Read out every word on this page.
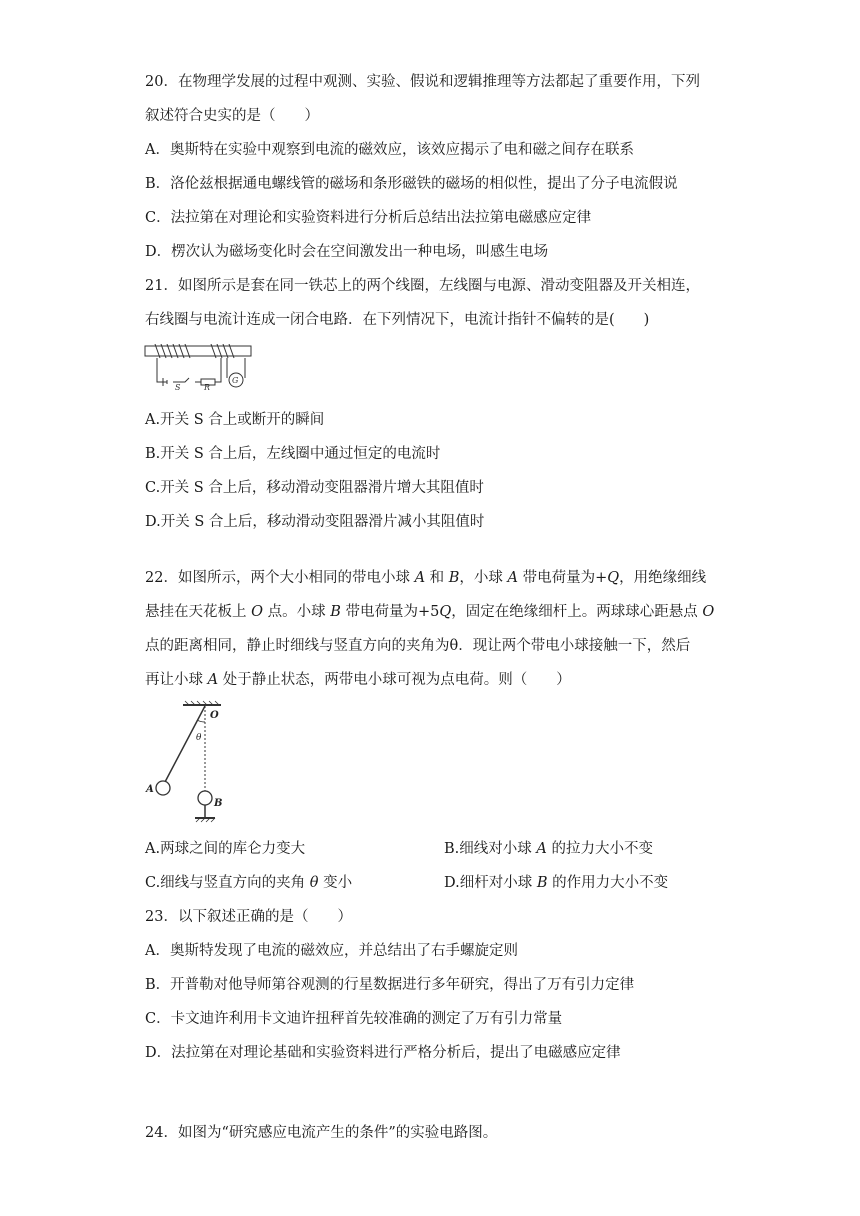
20．在物理学发展的过程中观测、实验、假说和逻辑推理等方法都起了重要作用，下列
叙述符合史实的是（　　）
A．奥斯特在实验中观察到电流的磁效应，该效应揭示了电和磁之间存在联系
B．洛伦兹根据通电螺线管的磁场和条形磁铁的磁场的相似性，提出了分子电流假说
C．法拉第在对理论和实验资料进行分析后总结出法拉第电磁感应定律
D．楞次认为磁场变化时会在空间激发出一种电场，叫感生电场
21．如图所示是套在同一铁芯上的两个线圈，左线圈与电源、滑动变阻器及开关相连，
右线圈与电流计连成一闭合电路．在下列情况下，电流计指针不偏转的是(　　)
S	R
G
A.开关 S 合上或断开的瞬间
B.开关 S 合上后，左线圈中通过恒定的电流时
C.开关 S 合上后，移动滑动变阻器滑片增大其阻值时
D.开关 S 合上后，移动滑动变阻器滑片减小其阻值时
22．如图所示，两个大小相同的带电小球 A 和 B，小球 A 带电荷量为+Q，用绝缘细线
悬挂在天花板上 O 点。小球 B 带电荷量为+5Q，固定在绝缘细杆上。两球球心距悬点 O
点的距离相同，静止时细线与竖直方向的夹角为θ．现让两个带电小球接触一下，然后
再让小球 A 处于静止状态，两带电小球可视为点电荷。则（　　）
O
θ
A
B
A.两球之间的库仑力变大	B.细线对小球 A 的拉力大小不变
C.细线与竖直方向的夹角 θ 变小	D.细杆对小球 B 的作用力大小不变
23．以下叙述正确的是（　　）
A．奥斯特发现了电流的磁效应，并总结出了右手螺旋定则
B．开普勒对他导师第谷观测的行星数据进行多年研究，得出了万有引力定律
C．卡文迪许利用卡文迪许扭秤首先较准确的测定了万有引力常量
D．法拉第在对理论基础和实验资料进行严格分析后，提出了电磁感应定律
24．如图为“研究感应电流产生的条件”的实验电路图。
